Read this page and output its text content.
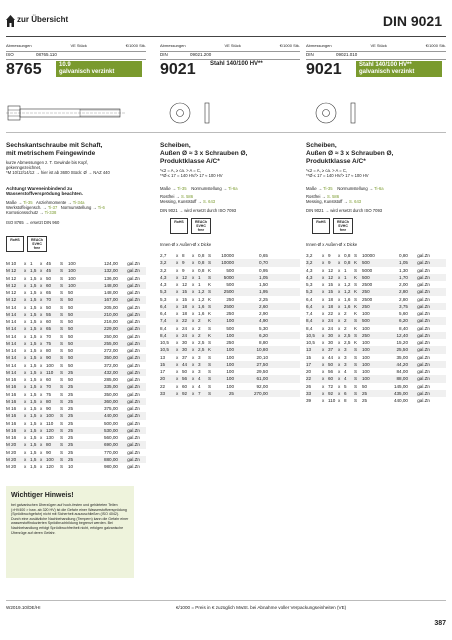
zur Übersicht	DIN 9021
Abmessungen	VE Stück	€/1000 Stk.
ISO	08765.110
8765	10.9
galvanisch verzinkt
Abmessungen	VE Stück	€/1000 Stk.
DIN	09021.200
9021	Stahl 140/100 HV**
Abmessungen	VE Stück	€/1000 Stk.
DIN	09021.010
9021	Stahl 140/100 HV**
galvanisch verzinkt
Sechskantschraube mit Schaft,
mit metrischem Feingewinde
kurze Abmessungen z. T. Gewinde bis Kopf,
gekenngezeichnet,
*M 10/12/14/12 → hier ist ab 3600 Stück: Ø → NAZ 440
Achtung! Wareneinbindend zu
Wasserstoffversprödung beachten.
Maße → Ti-35 Anziehmomente → Ti-34a
Werkstoffeigensch. → Ti-37 Normumstellung → Ti-6
Korrosionsschutz → Ti-338
ISO 8765 → ersetzt DIN 960
RoHS	REACh SVHC free
Scheiben,
Außen Ø ≈ 3 x Schrauben Ø,
Produktklasse A/C*
*≤2 = A, ≥ ca. > A = C,
**Ø ≤ 17 = 140 HV/> 17 ≈ 100 HV
Maße → Ti-35 Normumstellung → Ti-6a
Rostfrei → S. 586
Messing, Kunststoff → S. 643
DIN 9021 → wird ersetzt durch ISO 7093
RoHS	REACh SVHC free
Innen-Ø x Außen-Ø x Dicke
Scheiben,
Außen Ø ≈ 3 x Schrauben Ø,
Produktklasse A/C*
*≤2 = A, ≥ ca. > A = C,
**Ø ≤ 17 = 140 HV/> 17 ≈ 100 HV
Maße → Ti-35 Normumstellung → Ti-6a
Rostfrei → S. 586
Messing, Kunststoff → S. 643
DIN 9021 → wird ersetzt durch ISO 7093
RoHS	REACh SVHC free
Innen-Ø x Außen-Ø x Dicke
M 10	x 1	x 45	S	100	124,00	gal.Zn
M 12	x 1,5 x 45	S	100	132,00	gal.Zn
M 12	x 1,5 x 50	S	100	136,00	gal.Zn
M 12	x 1,5 x 60	S	100	148,00	gal.Zn
M 12	x 1,5 x 65	S	50	148,00	gal.Zn
M 12	x 1,5 x 70	S	50	167,00	gal.Zn
M 14	x 1,5 x 50	S	50	205,00	gal.Zn
M 14	x 1,5 x 55	S	50	210,00	gal.Zn
M 14	x 1,5 x 60	S	50	216,00	gal.Zn
M 14	x 1,5 x 65	S	50	229,00	gal.Zn
M 14	x 1,5 x 70	S	50	250,00	gal.Zn
M 14	x 1,5 x 75	S	50	255,00	gal.Zn
M 14	x 1,5 x 80	S	50	272,00	gal.Zn
M 14	x 1,5 x 90	S	50	350,00	gal.Zn
M 14	x 1,5 x 100	S	50	372,00	gal.Zn
M 14	x 1,5 x 110	S	25	432,00	gal.Zn
M 16	x 1,5 x 60	S	50	285,00	gal.Zn
M 16	x 1,5 x 70	S	25	335,00	gal.Zn
M 16	x 1,5 x 75	S	25	350,00	gal.Zn
M 16	x 1,5 x 80	S	25	360,00	gal.Zn
M 16	x 1,5 x 90	S	25	375,00	gal.Zn
M 16	x 1,5 x 100	S	25	440,00	gal.Zn
M 16	x 1,5 x 110	S	25	500,00	gal.Zn
M 16	x 1,5 x 120	S	25	530,00	gal.Zn
M 16	x 1,5 x 130	S	25	560,00	gal.Zn
M 20	x 1,5 x 80	S	25	690,00	gal.Zn
M 20	x 1,5 x 90	S	25	770,00	gal.Zn
M 20	x 1,5 x 100	S	25	880,00	gal.Zn
M 20	x 1,5 x 120	S	10	980,00	gal.Zn
2,7	x 8	x 0,8 S	10000	0,65
3,2	x 9	x 0,8 S	10000	0,70
3,2	x 9	x 0,8 K	500	0,95
4,3	x 12	x 1	S	5000	1,05
4,3	x 12	x 1	K	500	1,50
5,3	x 15	x 1,2 S	2500	1,95
5,3	x 15	x 1,2 K	250	2,25
6,4	x 18	x 1,6 S	2500	2,60
6,4	x 18	x 1,6 K	250	2,90
7,4	x 22	x 2	K	100	4,90
8,4	x 24	x 2	S	500	5,30
8,4	x 24	x 2	K	100	6,20
10,5	x 30	x 2,5 S	250	8,80
10,5	x 30	x 2,5 K	100	10,80
13	x 37	x 3	S	100	20,10
15	x 44	x 3	S	100	27,50
17	x 50	x 3	S	100	29,50
20	x 56	x 4	S	100	61,00
22	x 60	x 4	S	100	92,00
33	x 92	x 7	S	25	270,00
3,2	x 9	x 0,8 S	10000	0,80	gal.Zn
3,2	x 9	x 0,8 K	500	1,05	gal.Zn
4,3	x 12	x 1	S	5000	1,30	gal.Zn
4,3	x 12	x 1	K	500	1,70	gal.Zn
5,3	x 15	x 1,2 S	2500	2,00	gal.Zn
5,3	x 15	x 1,2 K	250	2,80	gal.Zn
6,4	x 18	x 1,6 S	2500	2,80	gal.Zn
6,4	x 18	x 1,6 K	250	3,75	gal.Zn
7,4	x 22	x 2	K	100	5,60	gal.Zn
8,4	x 24	x 2	S	500	6,20	gal.Zn
8,4	x 24	x 2	K	100	8,40	gal.Zn
10,5	x 30	x 2,5 S	250	12,40	gal.Zn
10,5	x 30	x 2,5 K	100	15,20	gal.Zn
13	x 37	x 3	S	100	25,50	gal.Zn
15	x 44	x 3	S	100	35,00	gal.Zn
17	x 50	x 3	S	100	44,20	gal.Zn
20	x 56	x 4	S	100	84,00	gal.Zn
22	x 60	x 4	S	100	88,00	gal.Zn
26	x 72	x 5	S	50	145,00	gal.Zn
33	x 92	x 6	S	25	435,00	gal.Zn
39	x 110 x 8	S	25	440,00	gal.Zn
Wichtiger Hinweis!
bei galvanischen Überzügen auf hoch-festen und gehärteten Teilen (>HV400 > bzw. ab 320 HV) ist die Gefahr einer Wasserstoffversprödung (Sprödbruchgefahr) nicht mit Sicherheit auszuschließen (ISO 4042). Durch eine zusätzliche Nachbehandlung (Tempern) kann die Gefahr einer wasserstoffinduzierten Sprödbruchbildung begrenzt werden. Bei Nachbehandlung erfolgt Sprödbruchfreiheit nicht, erfolgen galvanische Überzüge auf deren Gefahr.
W2019.10/DE/HI	€/1000 = Preis in € zuzüglich MwSt. bei Abnahme voller Verpackungseinheiten (VE)
387
